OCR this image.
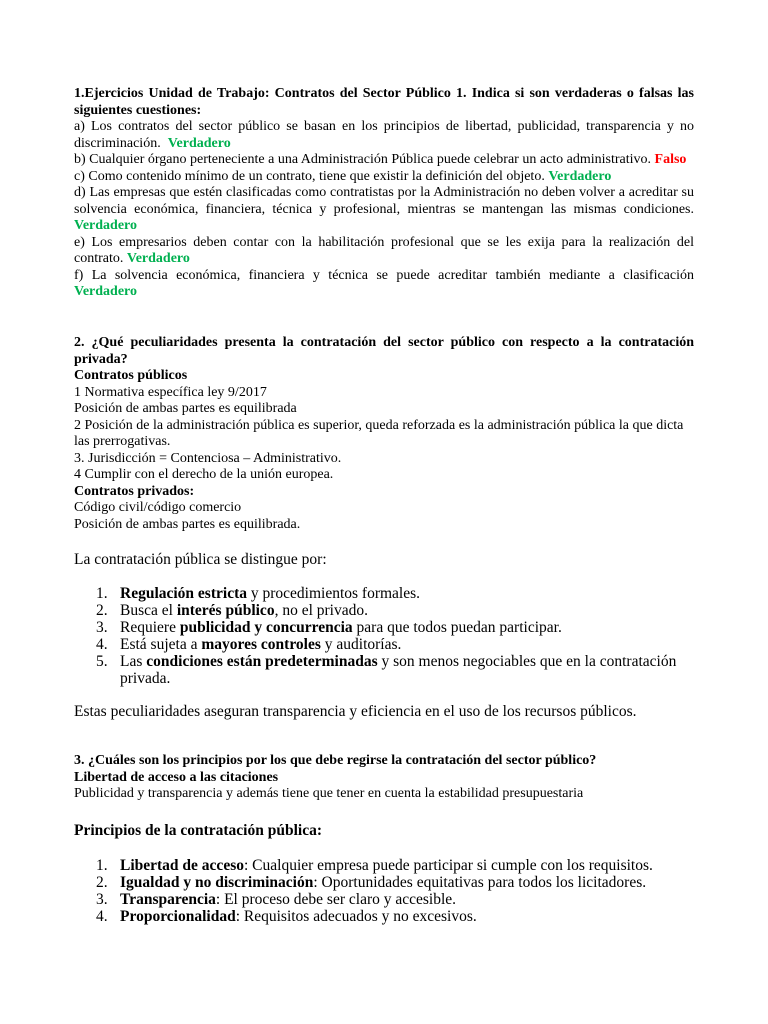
1.Ejercicios Unidad de Trabajo: Contratos del Sector Público 1. Indica si son verdaderas o falsas las siguientes cuestiones:

a) Los contratos del sector público se basan en los principios de libertad, publicidad, transparencia y no discriminación. Verdadero

b) Cualquier órgano perteneciente a una Administración Pública puede celebrar un acto administrativo. Falso

c) Como contenido mínimo de un contrato, tiene que existir la definición del objeto. Verdadero

d) Las empresas que estén clasificadas como contratistas por la Administración no deben volver a acreditar su solvencia económica, financiera, técnica y profesional, mientras se mantengan las mismas condiciones. Verdadero

e) Los empresarios deben contar con la habilitación profesional que se les exija para la realización del contrato. Verdadero

f) La solvencia económica, financiera y técnica se puede acreditar también mediante a clasificación Verdadero

2. ¿Qué peculiaridades presenta la contratación del sector público con respecto a la contratación privada?

Contratos públicos

1 Normativa específica ley 9/2017

Posición de ambas partes es equilibrada

2 Posición de la administración pública es superior, queda reforzada es la administración pública la que dicta las prerrogativas.

3. Jurisdicción = Contenciosa – Administrativo.

4 Cumplir con el derecho de la unión europea.

Contratos privados:

Código civil/código comercio

Posición de ambas partes es equilibrada.

La contratación pública se distingue por:

1. Regulación estricta y procedimientos formales.
2. Busca el interés público, no el privado.
3. Requiere publicidad y concurrencia para que todos puedan participar.
4. Está sujeta a mayores controles y auditorías.
5. Las condiciones están predeterminadas y son menos negociables que en la contratación privada.

Estas peculiaridades aseguran transparencia y eficiencia en el uso de los recursos públicos.

3. ¿Cuáles son los principios por los que debe regirse la contratación del sector público?

Libertad de acceso a las citaciones

Publicidad y transparencia y además tiene que tener en cuenta la estabilidad presupuestaria

Principios de la contratación pública:

1. Libertad de acceso: Cualquier empresa puede participar si cumple con los requisitos.
2. Igualdad y no discriminación: Oportunidades equitativas para todos los licitadores.
3. Transparencia: El proceso debe ser claro y accesible.
4. Proporcionalidad: Requisitos adecuados y no excesivos.
